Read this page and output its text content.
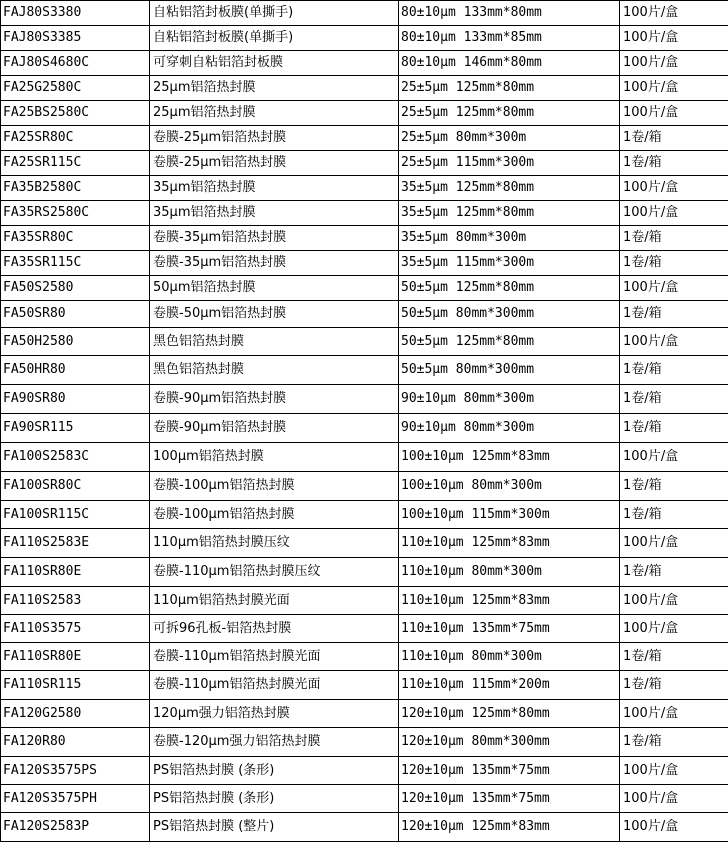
FAJ80S3380	自粘铝箔封板膜(单撕手)	80±10μm 133mm*80mm	100片/盒
FAJ80S3385	自粘铝箔封板膜(单撕手)	80±10μm 133mm*85mm	100片/盒
FAJ80S4680C	可穿刺自粘铝箔封板膜	80±10μm 146mm*80mm	100片/盒
FA25G2580C	25μm铝箔热封膜	25±5μm 125mm*80mm	100片/盒
FA25BS2580C	25μm铝箔热封膜	25±5μm 125mm*80mm	100片/盒
FA25SR80C	卷膜-25μm铝箔热封膜	25±5μm 80mm*300m	1卷/箱
FA25SR115C	卷膜-25μm铝箔热封膜	25±5μm 115mm*300m	1卷/箱
FA35B2580C	35μm铝箔热封膜	35±5μm 125mm*80mm	100片/盒
FA35RS2580C	35μm铝箔热封膜	35±5μm 125mm*80mm	100片/盒
FA35SR80C	卷膜-35μm铝箔热封膜	35±5μm 80mm*300m	1卷/箱
FA35SR115C	卷膜-35μm铝箔热封膜	35±5μm 115mm*300m	1卷/箱
FA50S2580	50μm铝箔热封膜	50±5μm 125mm*80mm	100片/盒
FA50SR80	卷膜-50μm铝箔热封膜	50±5μm 80mm*300mm	1卷/箱
FA50H2580	黑色铝箔热封膜	50±5μm 125mm*80mm	100片/盒
FA50HR80	黑色铝箔热封膜	50±5μm 80mm*300mm	1卷/箱
FA90SR80	卷膜-90μm铝箔热封膜	90±10μm 80mm*300m	1卷/箱
FA90SR115	卷膜-90μm铝箔热封膜	90±10μm 80mm*300m	1卷/箱
FA100S2583C	100μm铝箔热封膜	100±10μm 125mm*83mm	100片/盒
FA100SR80C	卷膜-100μm铝箔热封膜	100±10μm 80mm*300m	1卷/箱
FA100SR115C	卷膜-100μm铝箔热封膜	100±10μm 115mm*300m	1卷/箱
FA110S2583E	110μm铝箔热封膜压纹	110±10μm 125mm*83mm	100片/盒
FA110SR80E	卷膜-110μm铝箔热封膜压纹	110±10μm 80mm*300m	1卷/箱
FA110S2583	110μm铝箔热封膜光面	110±10μm 125mm*83mm	100片/盒
FA110S3575	可拆96孔板-铝箔热封膜	110±10μm 135mm*75mm	100片/盒
FA110SR80E	卷膜-110μm铝箔热封膜光面	110±10μm 80mm*300m	1卷/箱
FA110SR115	卷膜-110μm铝箔热封膜光面	110±10μm 115mm*200m	1卷/箱
FA120G2580	120μm强力铝箔热封膜	120±10μm 125mm*80mm	100片/盒
FA120R80	卷膜-120μm强力铝箔热封膜	120±10μm 80mm*300mm	1卷/箱
FA120S3575PS	PS铝箔热封膜 (条形)	120±10μm 135mm*75mm	100片/盒
FA120S3575PH	PS铝箔热封膜 (条形)	120±10μm 135mm*75mm	100片/盒
FA120S2583P	PS铝箔热封膜 (整片)	120±10μm 125mm*83mm	100片/盒
